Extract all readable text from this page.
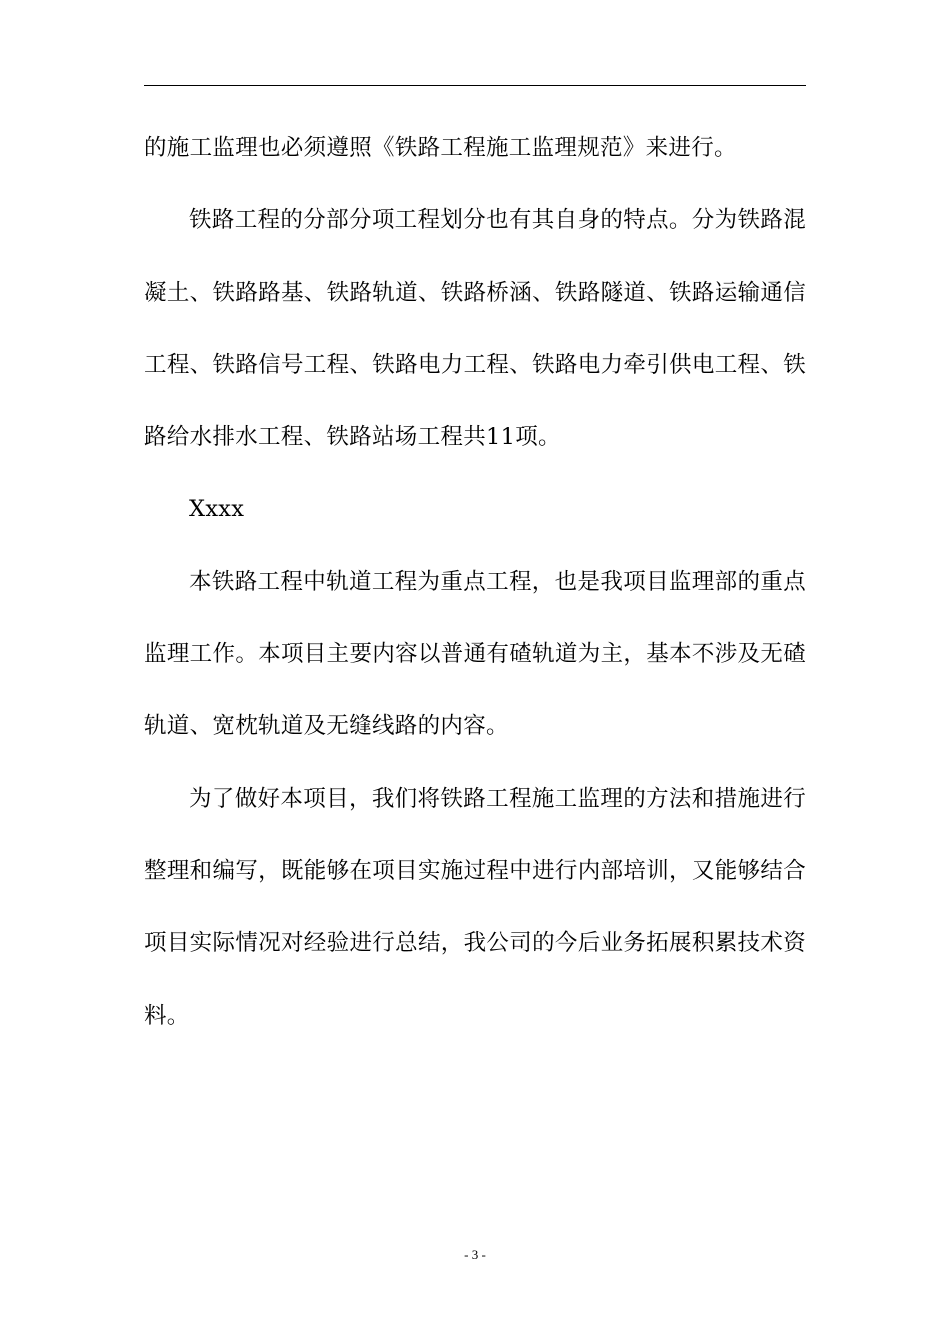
的施工监理也必须遵照《铁路工程施工监理规范》来进行。

铁路工程的分部分项工程划分也有其自身的特点。分为铁路混凝土、铁路路基、铁路轨道、铁路桥涵、铁路隧道、铁路运输通信工程、铁路信号工程、铁路电力工程、铁路电力牵引供电工程、铁路给水排水工程、铁路站场工程共11项。

Xxxx

本铁路工程中轨道工程为重点工程，也是我项目监理部的重点监理工作。本项目主要内容以普通有碴轨道为主，基本不涉及无碴轨道、宽枕轨道及无缝线路的内容。

为了做好本项目，我们将铁路工程施工监理的方法和措施进行整理和编写，既能够在项目实施过程中进行内部培训，又能够结合项目实际情况对经验进行总结，我公司的今后业务拓展积累技术资料。

- 3 -
